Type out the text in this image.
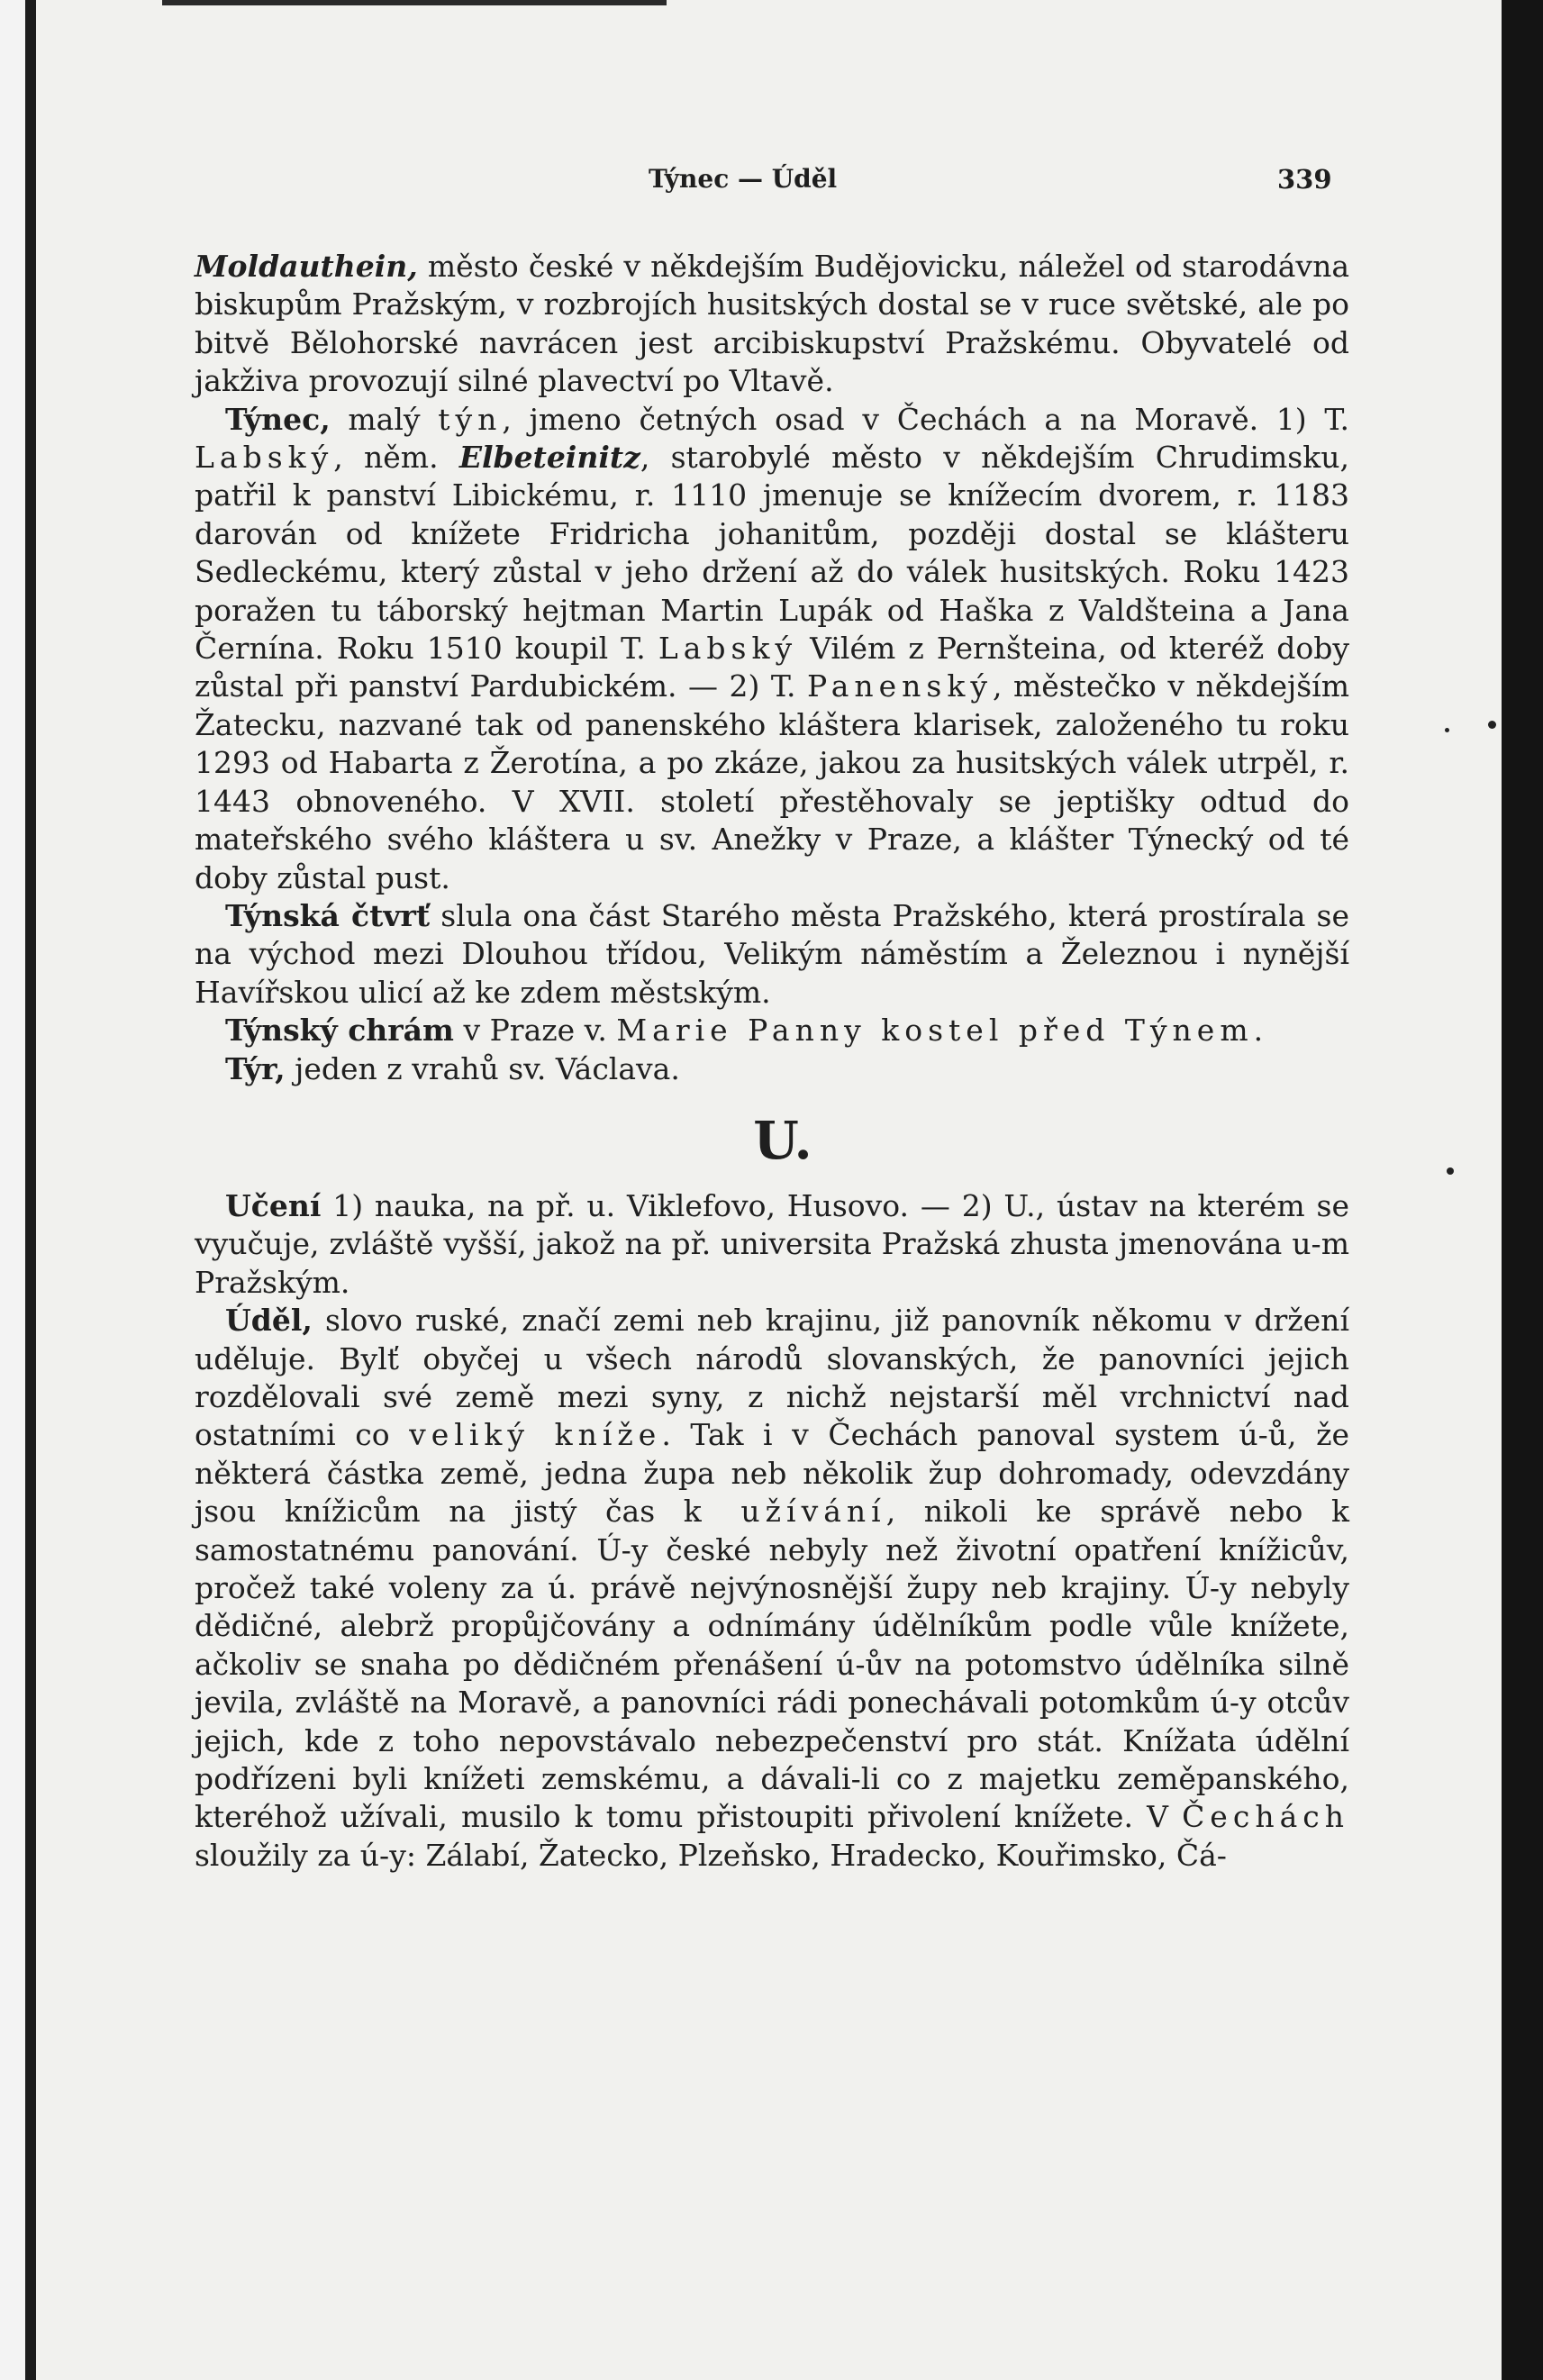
Týnec — Úděl	339

Moldauthein, město české v někdejším Budějovicku, náležel od starodávna biskupům Pražským, v rozbrojích husitských dostal se v ruce světské, ale po bitvě Bělohorské navrácen jest arcibiskupství Pražskému. Obyvatelé od jakživa provozují silné plavectví po Vltavě.

Týnec, malý týn, jmeno četných osad v Čechách a na Moravě. 1) T. Labský, něm. Elbeteinitz, starobylé město v někdejším Chrudimsku, patřil k panství Libickému, r. 1110 jmenuje se knížecím dvorem, r. 1183 darován od knížete Fridricha johanitům, později dostal se klášteru Sedleckému, který zůstal v jeho držení až do válek husitských. Roku 1423 poražen tu táborský hejtman Martin Lupák od Haška z Valdšteina a Jana Černína. Roku 1510 koupil T. Labský Vilém z Pernšteina, od kteréž doby zůstal při panství Pardubickém. — 2) T. Panenský, městečko v někdejším Žatecku, nazvané tak od panenského kláštera klarisek, založeného tu roku 1293 od Habarta z Žerotína, a po zkáze, jakou za husitských válek utrpěl, r. 1443 obnoveného. V XVII. století přestěhovaly se jeptišky odtud do mateřského svého kláštera u sv. Anežky v Praze, a klášter Týnecký od té doby zůstal pust.

Týnská čtvrť slula ona část Starého města Pražského, která prostírala se na východ mezi Dlouhou třídou, Velikým náměstím a Železnou i nynější Havířskou ulicí až ke zdem městským.

Týnský chrám v Praze v. Marie Panny kostel před Týnem.

Týr, jeden z vrahů sv. Václava.

U.

Učení 1) nauka, na př. u. Viklefovo, Husovo. — 2) U., ústav na kterém se vyučuje, zvláště vyšší, jakož na př. universita Pražská zhusta jmenována u-m Pražským.

Úděl, slovo ruské, značí zemi neb krajinu, již panovník někomu v držení uděluje. Bylť obyčej u všech národů slovanských, že panovníci jejich rozdělovali své země mezi syny, z nichž nejstarší měl vrchnictví nad ostatními co veliký kníže. Tak i v Čechách panoval system ú-ů, že některá částka země, jedna župa neb několik žup dohromady, odevzdány jsou knížicům na jistý čas k užívání, nikoli ke správě nebo k samostatnému panování. Ú-y české nebyly než životní opatření knížicův, pročež také voleny za ú. právě nejvýnosnější župy neb krajiny. Ú-y nebyly dědičné, alebrž propůjčovány a odnímány údělníkům podle vůle knížete, ačkoliv se snaha po dědičném přenášení ú-ův na potomstvo údělníka silně jevila, zvláště na Moravě, a panovníci rádi ponechávali potomkům ú-y otcův jejich, kde z toho nepovstávalo nebezpečenství pro stát. Knížata údělní podřízeni byli knížeti zemskému, a dávali-li co z majetku zeměpanského, kteréhož užívali, musilo k tomu přistoupiti přivolení knížete. V Čechách sloužily za ú-y: Zálabí, Žatecko, Plzeňsko, Hradecko, Kouřimsko, Čá-
